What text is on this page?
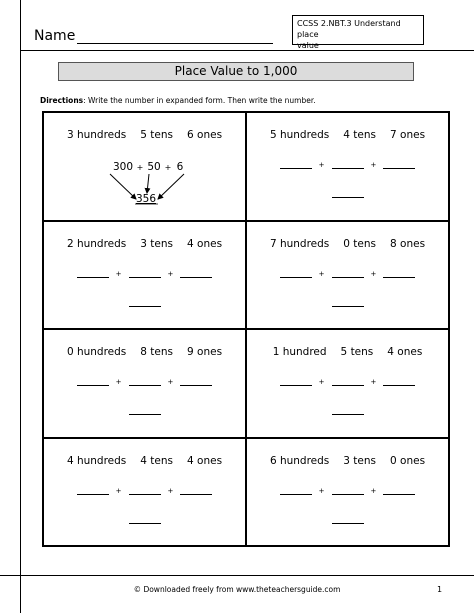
Name
CCSS 2.NBT.3 Understand place
value
Place Value to 1,000
Directions: Write the number in expanded form. Then write the number.
3 hundreds 5 tens 6 ones
300 + 50 + 6
356
5 hundreds 4 tens 7 ones
+	+
2 hundreds 3 tens 4 ones
+	+
7 hundreds 0 tens 8 ones
+	+
0 hundreds 8 tens 9 ones
+	+
1 hundred 5 tens 4 ones
+	+
4 hundreds 4 tens 4 ones
+	+
6 hundreds 3 tens 0 ones
+	+
© Downloaded freely from www.theteachersguide.com	1
